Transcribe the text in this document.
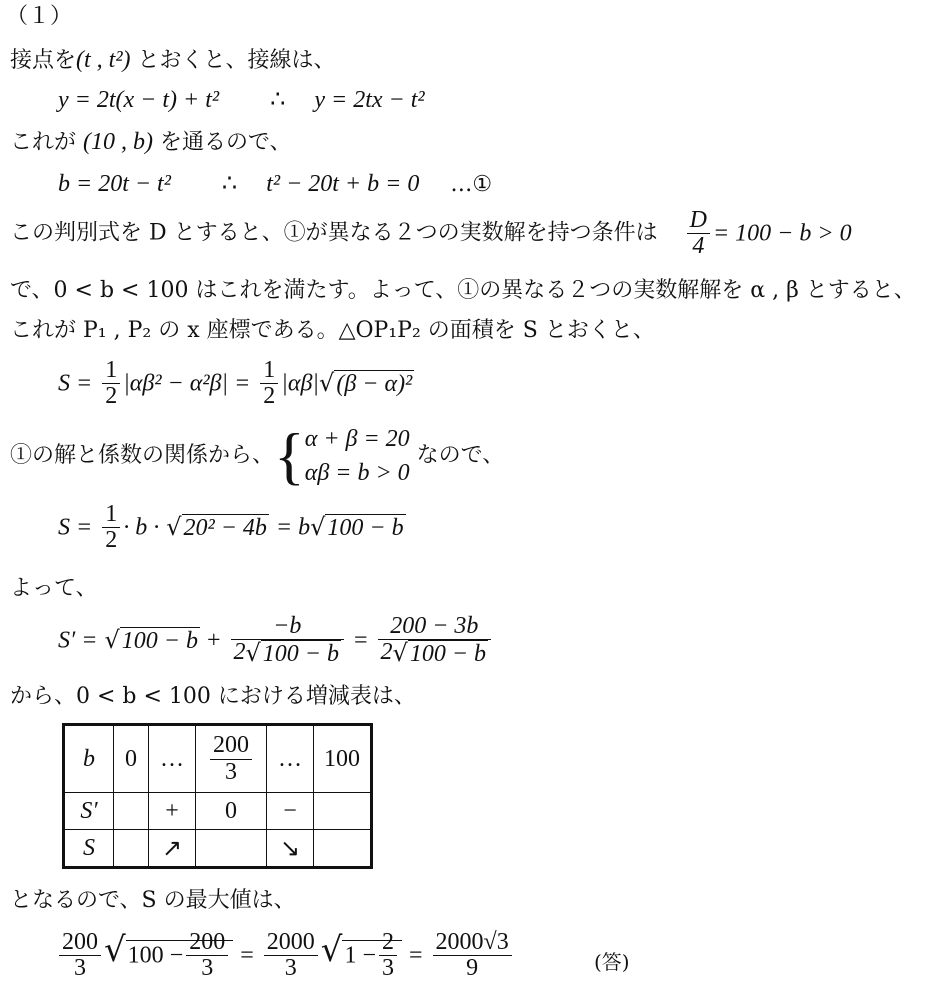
（１）
接点を(t , t²) とおくと、接線は、
y = 2t(x − t) + t² ∴ y = 2tx − t²
これが (10 , b) を通るので、
b = 20t − t² ∴ t² − 20t + b = 0 …①
この判別式を D とすると、①が異なる２つの実数解を持つ条件は $\frac{D}{4} = 100 - b > 0$
で、0 < b < 100 はこれを満たす。よって、①の異なる２つの実数解解を α , β とすると、
これが P₁ , P₂ の x 座標である。△OP₁P₂ の面積を S とおくと、
$S = \frac{1}{2} |\alpha\beta^2 - \alpha^2\beta| = \frac{1}{2} |\alpha\beta|√(\beta - \alpha)^2$
①の解と係数の関係から、{ α + β = 20
αβ = b > 0
なので、
$S = \frac{1}{2} \cdot b \cdot √20^2 - 4b = b√100 - b$
よって、
$S' = √100 - b + \frac{-b}{2√100 - b} = \frac{200 - 3b}{2√100 - b}$
から、0 < b < 100 における増減表は、
b	0	…	$\frac{200}{3}$	…	100
S′		+	0	−	
S		↗		↘	
となるので、S の最大値は、
$\frac{200}{3} √100 - \frac{200}{3} = \frac{2000}{3} √1 - \frac{2}{3} = \frac{2000√3}{9}$	(答)
